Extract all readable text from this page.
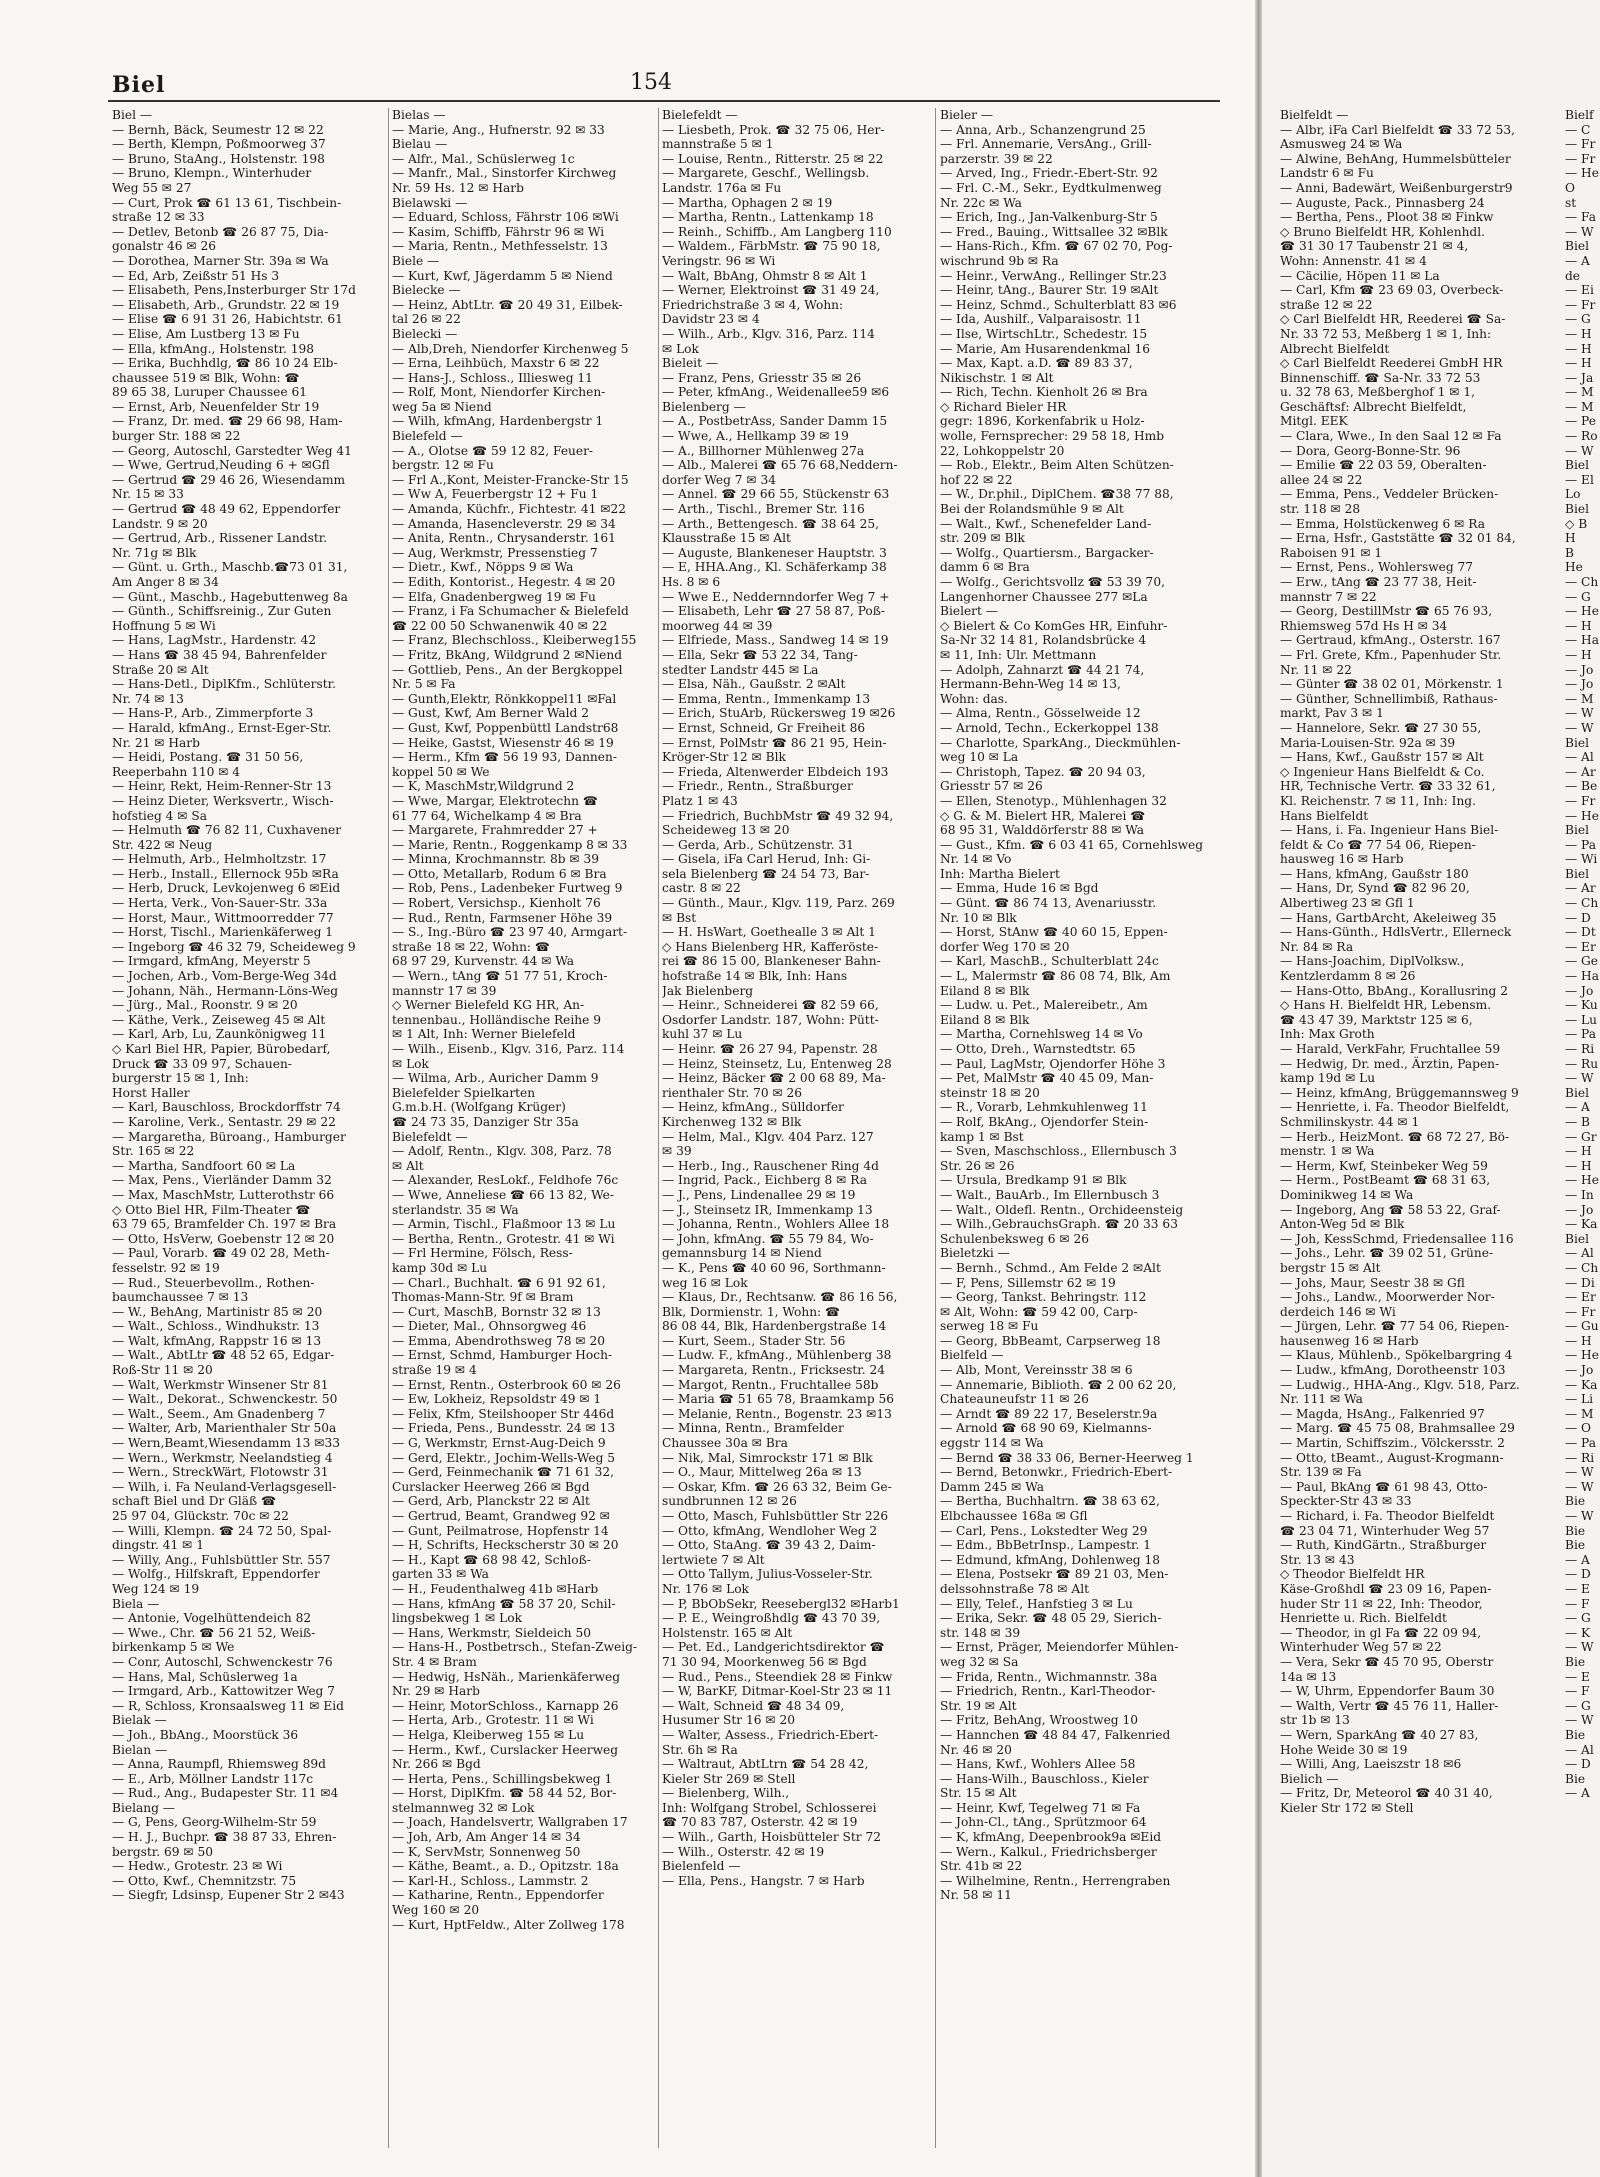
Biel	154
Biel —
— Bernh, Bäck, Seumestr 12 ✉ 22
— Berth, Klempn, Poßmoorweg 37
— Bruno, StaAng., Holstenstr. 198
— Bruno, Klempn., Winterhuder
Weg 55 ✉ 27
— Curt, Prok ☎ 61 13 61, Tischbein-
straße 12 ✉ 33
— Detlev, Betonb ☎ 26 87 75, Dia-
gonalstr 46 ✉ 26
— Dorothea, Marner Str. 39a ✉ Wa
— Ed, Arb, Zeißstr 51 Hs 3
— Elisabeth, Pens,Insterburger Str 17d
— Elisabeth, Arb., Grundstr. 22 ✉ 19
— Elise ☎ 6 91 31 26, Habichtstr. 61
— Elise, Am Lustberg 13 ✉ Fu
— Ella, kfmAng., Holstenstr. 198
— Erika, Buchhdlg, ☎ 86 10 24 Elb-
chaussee 519 ✉ Blk, Wohn: ☎
89 65 38, Luruper Chaussee 61
— Ernst, Arb, Neuenfelder Str 19
— Franz, Dr. med. ☎ 29 66 98, Ham-
burger Str. 188 ✉ 22
— Georg, Autoschl, Garstedter Weg 41
— Wwe, Gertrud,Neuding 6 + ✉Gfl
— Gertrud ☎ 29 46 26, Wiesendamm
Nr. 15 ✉ 33
— Gertrud ☎ 48 49 62, Eppendorfer
Landstr. 9 ✉ 20
— Gertrud, Arb., Rissener Landstr.
Nr. 71g ✉ Blk
— Günt. u. Grth., Maschb.☎73 01 31,
Am Anger 8 ✉ 34
— Günt., Maschb., Hagebuttenweg 8a
— Günth., Schiffsreinig., Zur Guten
Hoffnung 5 ✉ Wi
— Hans, LagMstr., Hardenstr. 42
— Hans ☎ 38 45 94, Bahrenfelder
Straße 20 ✉ Alt
— Hans-Detl., DiplKfm., Schlüterstr.
Nr. 74 ✉ 13
— Hans-P., Arb., Zimmerpforte 3
— Harald, kfmAng., Ernst-Eger-Str.
Nr. 21 ✉ Harb
— Heidi, Postang. ☎ 31 50 56,
Reeperbahn 110 ✉ 4
— Heinr, Rekt, Heim-Renner-Str 13
— Heinz Dieter, Werksvertr., Wisch-
hofstieg 4 ✉ Sa
— Helmuth ☎ 76 82 11, Cuxhavener
Str. 422 ✉ Neug
— Helmuth, Arb., Helmholtzstr. 17
— Herb., Install., Ellernock 95b ✉Ra
— Herb, Druck, Levkojenweg 6 ✉Eid
— Herta, Verk., Von-Sauer-Str. 33a
— Horst, Maur., Wittmoorredder 77
— Horst, Tischl., Marienkäferweg 1
— Ingeborg ☎ 46 32 79, Scheideweg 9
— Irmgard, kfmAng, Meyerstr 5
— Jochen, Arb., Vom-Berge-Weg 34d
— Johann, Näh., Hermann-Löns-Weg
— Jürg., Mal., Roonstr. 9 ✉ 20
— Käthe, Verk., Zeiseweg 45 ✉ Alt
— Karl, Arb, Lu, Zaunkönigweg 11
◇ Karl Biel HR, Papier, Bürobedarf,
Druck ☎ 33 09 97, Schauen-
burgerstr 15 ✉ 1, Inh:
Horst Haller
— Karl, Bauschloss, Brockdorffstr 74
— Karoline, Verk., Sentastr. 29 ✉ 22
— Margaretha, Büroang., Hamburger
Str. 165 ✉ 22
— Martha, Sandfoort 60 ✉ La
— Max, Pens., Vierländer Damm 32
— Max, MaschMstr, Lutterothstr 66
◇ Otto Biel HR, Film-Theater ☎
63 79 65, Bramfelder Ch. 197 ✉ Bra
— Otto, HsVerw, Goebenstr 12 ✉ 20
— Paul, Vorarb. ☎ 49 02 28, Meth-
fesselstr. 92 ✉ 19
— Rud., Steuerbevollm., Rothen-
baumchaussee 7 ✉ 13
— W., BehAng, Martinistr 85 ✉ 20
— Walt., Schloss., Windhukstr. 13
— Walt, kfmAng, Rappstr 16 ✉ 13
— Walt., AbtLtr ☎ 48 52 65, Edgar-
Roß-Str 11 ✉ 20
— Walt, Werkmstr Winsener Str 81
— Walt., Dekorat., Schwenckestr. 50
— Walt., Seem., Am Gnadenberg 7
— Walter, Arb, Marienthaler Str 50a
— Wern,Beamt,Wiesendamm 13 ✉33
— Wern., Werkmstr, Neelandstieg 4
— Wern., StreckWärt, Flotowstr 31
— Wilh, i. Fa Neuland-Verlagsgesell-
schaft Biel und Dr Gläß ☎
25 97 04, Glückstr. 70c ✉ 22
— Willi, Klempn. ☎ 24 72 50, Spal-
dingstr. 41 ✉ 1
— Willy, Ang., Fuhlsbüttler Str. 557
— Wolfg., Hilfskraft, Eppendorfer
Weg 124 ✉ 19
Biela —
— Antonie, Vogelhüttendeich 82
— Wwe., Chr. ☎ 56 21 52, Weiß-
birkenkamp 5 ✉ We
— Conr, Autoschl, Schwenckestr 76
— Hans, Mal, Schüslerweg 1a
— Irmgard, Arb., Kattowitzer Weg 7
— R, Schloss, Kronsaalsweg 11 ✉ Eid
Bielak —
— Joh., BbAng., Moorstück 36
Bielan —
— Anna, Raumpfl, Rhiemsweg 89d
— E., Arb, Möllner Landstr 117c
— Rud., Ang., Budapester Str. 11 ✉4
Bielang —
— G, Pens, Georg-Wilhelm-Str 59
— H. J., Buchpr. ☎ 38 87 33, Ehren-
bergstr. 69 ✉ 50
— Hedw., Grotestr. 23 ✉ Wi
— Otto, Kwf., Chemnitzstr. 75
— Siegfr, Ldsinsp, Eupener Str 2 ✉43
Bielas —
— Marie, Ang., Hufnerstr. 92 ✉ 33
Bielau —
— Alfr., Mal., Schüslerweg 1c
— Manfr., Mal., Sinstorfer Kirchweg
Nr. 59 Hs. 12 ✉ Harb
Bielawski —
— Eduard, Schloss, Fährstr 106 ✉Wi
— Kasim, Schiffb, Fährstr 96 ✉ Wi
— Maria, Rentn., Methfesselstr. 13
Biele —
— Kurt, Kwf, Jägerdamm 5 ✉ Niend
Bielecke —
— Heinz, AbtLtr. ☎ 20 49 31, Eilbek-
tal 26 ✉ 22
Bielecki —
— Alb,Dreh, Niendorfer Kirchenweg 5
— Erna, Leihbüch, Maxstr 6 ✉ 22
— Hans-J., Schloss., Illiesweg 11
— Rolf, Mont, Niendorfer Kirchen-
weg 5a ✉ Niend
— Wilh, kfmAng, Hardenbergstr 1
Bielefeld —
— A., Olotse ☎ 59 12 82, Feuer-
bergstr. 12 ✉ Fu
— Frl A.,Kont, Meister-Francke-Str 15
— Ww A, Feuerbergstr 12 + Fu 1
— Amanda, Küchfr., Fichtestr. 41 ✉22
— Amanda, Hasencleverstr. 29 ✉ 34
— Anita, Rentn., Chrysanderstr. 161
— Aug, Werkmstr, Pressenstieg 7
— Dietr., Kwf., Nöpps 9 ✉ Wa
— Edith, Kontorist., Hegestr. 4 ✉ 20
— Elfa, Gnadenbergweg 19 ✉ Fu
— Franz, i Fa Schumacher & Bielefeld
☎ 22 00 50 Schwanenwik 40 ✉ 22
— Franz, Blechschloss., Kleiberweg155
— Fritz, BkAng, Wildgrund 2 ✉Niend
— Gottlieb, Pens., An der Bergkoppel
Nr. 5 ✉ Fa
— Gunth,Elektr, Rönkkoppel11 ✉Fal
— Gust, Kwf, Am Berner Wald 2
— Gust, Kwf, Poppenbüttl Landstr68
— Heike, Gastst, Wiesenstr 46 ✉ 19
— Herm., Kfm ☎ 56 19 93, Dannen-
koppel 50 ✉ We
— K, MaschMstr,Wildgrund 2
— Wwe, Margar, Elektrotechn ☎
61 77 64, Wichelkamp 4 ✉ Bra
— Margarete, Frahmredder 27 +
— Marie, Rentn., Roggenkamp 8 ✉ 33
— Minna, Krochmannstr. 8b ✉ 39
— Otto, Metallarb, Rodum 6 ✉ Bra
— Rob, Pens., Ladenbeker Furtweg 9
— Robert, Versichsp., Kienholt 76
— Rud., Rentn, Farmsener Höhe 39
— S., Ing.-Büro ☎ 23 97 40, Armgart-
straße 18 ✉ 22, Wohn: ☎
68 97 29, Kurvenstr. 44 ✉ Wa
— Wern., tAng ☎ 51 77 51, Kroch-
mannstr 17 ✉ 39
◇ Werner Bielefeld KG HR, An-
tennenbau., Holländische Reihe 9
✉ 1 Alt, Inh: Werner Bielefeld
— Wilh., Eisenb., Klgv. 316, Parz. 114
✉ Lok
— Wilma, Arb., Auricher Damm 9
Bielefelder Spielkarten
G.m.b.H. (Wolfgang Krüger)
☎ 24 73 35, Danziger Str 35a
Bielefeldt —
— Adolf, Rentn., Klgv. 308, Parz. 78
✉ Alt
— Alexander, ResLokf., Feldhofe 76c
— Wwe, Anneliese ☎ 66 13 82, We-
sterlandstr. 35 ✉ Wa
— Armin, Tischl., Flaßmoor 13 ✉ Lu
— Bertha, Rentn., Grotestr. 41 ✉ Wi
— Frl Hermine, Fölsch, Ress-
kamp 30d ✉ Lu
— Charl., Buchhalt. ☎ 6 91 92 61,
Thomas-Mann-Str. 9f ✉ Bram
— Curt, MaschB, Bornstr 32 ✉ 13
— Dieter, Mal., Ohnsorgweg 46
— Emma, Abendrothsweg 78 ✉ 20
— Ernst, Schmd, Hamburger Hoch-
straße 19 ✉ 4
— Ernst, Rentn., Osterbrook 60 ✉ 26
— Ew, Lokheiz, Repsoldstr 49 ✉ 1
— Felix, Kfm, Steilshooper Str 446d
— Frieda, Pens., Bundesstr. 24 ✉ 13
— G, Werkmstr, Ernst-Aug-Deich 9
— Gerd, Elektr., Jochim-Wells-Weg 5
— Gerd, Feinmechanik ☎ 71 61 32,
Curslacker Heerweg 266 ✉ Bgd
— Gerd, Arb, Planckstr 22 ✉ Alt
— Gertrud, Beamt, Grandweg 92 ✉
— Gunt, Peilmatrose, Hopfenstr 14
— H, Schrifts, Heckscherstr 30 ✉ 20
— H., Kapt ☎ 68 98 42, Schloß-
garten 33 ✉ Wa
— H., Feudenthalweg 41b ✉Harb
— Hans, kfmAng ☎ 58 37 20, Schil-
lingsbekweg 1 ✉ Lok
— Hans, Werkmstr, Sieldeich 50
— Hans-H., Postbetrsch., Stefan-Zweig-
Str. 4 ✉ Bram
— Hedwig, HsNäh., Marienkäferweg
Nr. 29 ✉ Harb
— Heinr, MotorSchloss., Karnapp 26
— Herta, Arb., Grotestr. 11 ✉ Wi
— Helga, Kleiberweg 155 ✉ Lu
— Herm., Kwf., Curslacker Heerweg
Nr. 266 ✉ Bgd
— Herta, Pens., Schillingsbekweg 1
— Horst, DiplKfm. ☎ 58 44 52, Bor-
stelmannweg 32 ✉ Lok
— Joach, Handelsvertr, Wallgraben 17
— Joh, Arb, Am Anger 14 ✉ 34
— K, ServMstr, Sonnenweg 50
— Käthe, Beamt., a. D., Opitzstr. 18a
— Karl-H., Schloss., Lammstr. 2
— Katharine, Rentn., Eppendorfer
Weg 160 ✉ 20
— Kurt, HptFeldw., Alter Zollweg 178
Bielefeldt —
— Liesbeth, Prok. ☎ 32 75 06, Her-
mannstraße 5 ✉ 1
— Louise, Rentn., Ritterstr. 25 ✉ 22
— Margarete, Geschf., Wellingsb.
Landstr. 176a ✉ Fu
— Martha, Ophagen 2 ✉ 19
— Martha, Rentn., Lattenkamp 18
— Reinh., Schiffb., Am Langberg 110
— Waldem., FärbMstr. ☎ 75 90 18,
Veringstr. 96 ✉ Wi
— Walt, BbAng, Ohmstr 8 ✉ Alt 1
— Werner, Elektroinst ☎ 31 49 24,
Friedrichstraße 3 ✉ 4, Wohn:
Davidstr 23 ✉ 4
— Wilh., Arb., Klgv. 316, Parz. 114
✉ Lok
Bieleit —
— Franz, Pens, Griesstr 35 ✉ 26
— Peter, kfmAng., Weidenallee59 ✉6
Bielenberg —
— A., PostbetrAss, Sander Damm 15
— Wwe, A., Hellkamp 39 ✉ 19
— A., Billhorner Mühlenweg 27a
— Alb., Malerei ☎ 65 76 68,Neddern-
dorfer Weg 7 ✉ 34
— Annel. ☎ 29 66 55, Stückenstr 63
— Arth., Tischl., Bremer Str. 116
— Arth., Bettengesch. ☎ 38 64 25,
Klausstraße 15 ✉ Alt
— Auguste, Blankeneser Hauptstr. 3
— E, HHA.Ang., Kl. Schäferkamp 38
Hs. 8 ✉ 6
— Wwe E., Neddernndorfer Weg 7 +
— Elisabeth, Lehr ☎ 27 58 87, Poß-
moorweg 44 ✉ 39
— Elfriede, Mass., Sandweg 14 ✉ 19
— Ella, Sekr ☎ 53 22 34, Tang-
stedter Landstr 445 ✉ La
— Elsa, Näh., Gaußstr. 2 ✉Alt
— Emma, Rentn., Immenkamp 13
— Erich, StuArb, Rückersweg 19 ✉26
— Ernst, Schneid, Gr Freiheit 86
— Ernst, PolMstr ☎ 86 21 95, Hein-
Kröger-Str 12 ✉ Blk
— Frieda, Altenwerder Elbdeich 193
— Friedr., Rentn., Straßburger
Platz 1 ✉ 43
— Friedrich, BuchbMstr ☎ 49 32 94,
Scheideweg 13 ✉ 20
— Gerda, Arb., Schützenstr. 31
— Gisela, iFa Carl Herud, Inh: Gi-
sela Bielenberg ☎ 24 54 73, Bar-
castr. 8 ✉ 22
— Günth., Maur., Klgv. 119, Parz. 269
✉ Bst
— H. HsWart, Goethealle 3 ✉ Alt 1
◇ Hans Bielenberg HR, Kafferöste-
rei ☎ 86 15 00, Blankeneser Bahn-
hofstraße 14 ✉ Blk, Inh: Hans
Jak Bielenberg
— Heinr., Schneiderei ☎ 82 59 66,
Osdorfer Landstr. 187, Wohn: Pütt-
kuhl 37 ✉ Lu
— Heinr. ☎ 26 27 94, Papenstr. 28
— Heinz, Steinsetz, Lu, Entenweg 28
— Heinz, Bäcker ☎ 2 00 68 89, Ma-
rienthaler Str. 70 ✉ 26
— Heinz, kfmAng., Sülldorfer
Kirchenweg 132 ✉ Blk
— Helm, Mal., Klgv. 404 Parz. 127
✉ 39
— Herb., Ing., Rauschener Ring 4d
— Ingrid, Pack., Eichberg 8 ✉ Ra
— J., Pens, Lindenallee 29 ✉ 19
— J., Steinsetz IR, Immenkamp 13
— Johanna, Rentn., Wohlers Allee 18
— John, kfmAng. ☎ 55 79 84, Wo-
gemannsburg 14 ✉ Niend
— K., Pens ☎ 40 60 96, Sorthmann-
weg 16 ✉ Lok
— Klaus, Dr., Rechtsanw. ☎ 86 16 56,
Blk, Dormienstr. 1, Wohn: ☎
86 08 44, Blk, Hardenbergstraße 14
— Kurt, Seem., Stader Str. 56
— Ludw. F., kfmAng., Mühlenberg 38
— Margareta, Rentn., Fricksestr. 24
— Margot, Rentn., Fruchtallee 58b
— Maria ☎ 51 65 78, Braamkamp 56
— Melanie, Rentn., Bogenstr. 23 ✉13
— Minna, Rentn., Bramfelder
Chaussee 30a ✉ Bra
— Nik, Mal, Simrockstr 171 ✉ Blk
— O., Maur, Mittelweg 26a ✉ 13
— Oskar, Kfm. ☎ 26 63 32, Beim Ge-
sundbrunnen 12 ✉ 26
— Otto, Masch, Fuhlsbüttler Str 226
— Otto, kfmAng, Wendloher Weg 2
— Otto, StaAng. ☎ 39 43 2, Daim-
lertwiete 7 ✉ Alt
— Otto Tallym, Julius-Vosseler-Str.
Nr. 176 ✉ Lok
— P, BbObSekr, Reesebergl32 ✉Harb1
— P. E., Weingroßhdlg ☎ 43 70 39,
Holstenstr. 165 ✉ Alt
— Pet. Ed., Landgerichtsdirektor ☎
71 30 94, Moorkenweg 56 ✉ Bgd
— Rud., Pens., Steendiek 28 ✉ Finkw
— W, BarKF, Ditmar-Koel-Str 23 ✉ 11
— Walt, Schneid ☎ 48 34 09,
Husumer Str 16 ✉ 20
— Walter, Assess., Friedrich-Ebert-
Str. 6h ✉ Ra
— Waltraut, AbtLtrn ☎ 54 28 42,
Kieler Str 269 ✉ Stell
— Bielenberg, Wilh.,
Inh: Wolfgang Strobel, Schlosserei
☎ 70 83 787, Osterstr. 42 ✉ 19
— Wilh., Garth, Hoisbütteler Str 72
— Wilh., Osterstr. 42 ✉ 19
Bielenfeld —
— Ella, Pens., Hangstr. 7 ✉ Harb
Bieler —
— Anna, Arb., Schanzengrund 25
— Frl. Annemarie, VersAng., Grill-
parzerstr. 39 ✉ 22
— Arved, Ing., Friedr.-Ebert-Str. 92
— Frl. C.-M., Sekr., Eydtkulmenweg
Nr. 22c ✉ Wa
— Erich, Ing., Jan-Valkenburg-Str 5
— Fred., Bauing., Wittsallee 32 ✉Blk
— Hans-Rich., Kfm. ☎ 67 02 70, Pog-
wischrund 9b ✉ Ra
— Heinr., VerwAng., Rellinger Str.23
— Heinr, tAng., Baurer Str. 19 ✉Alt
— Heinz, Schmd., Schulterblatt 83 ✉6
— Ida, Aushilf., Valparaisostr. 11
— Ilse, WirtschLtr., Schedestr. 15
— Marie, Am Husarendenkmal 16
— Max, Kapt. a.D. ☎ 89 83 37,
Nikischstr. 1 ✉ Alt
— Rich, Techn. Kienholt 26 ✉ Bra
◇ Richard Bieler HR
gegr: 1896, Korkenfabrik u Holz-
wolle, Fernsprecher: 29 58 18, Hmb
22, Lohkoppelstr 20
— Rob., Elektr., Beim Alten Schützen-
hof 22 ✉ 22
— W., Dr.phil., DiplChem. ☎38 77 88,
Bei der Rolandsmühle 9 ✉ Alt
— Walt., Kwf., Schenefelder Land-
str. 209 ✉ Blk
— Wolfg., Quartiersm., Bargacker-
damm 6 ✉ Bra
— Wolfg., Gerichtsvollz ☎ 53 39 70,
Langenhorner Chaussee 277 ✉La
Bielert —
◇ Bielert & Co KomGes HR, Einfuhr-
Sa-Nr 32 14 81, Rolandsbrücke 4
✉ 11, Inh: Ulr. Mettmann
— Adolph, Zahnarzt ☎ 44 21 74,
Hermann-Behn-Weg 14 ✉ 13,
Wohn: das.
— Alma, Rentn., Gösselweide 12
— Arnold, Techn., Eckerkoppel 138
— Charlotte, SparkAng., Dieckmühlen-
weg 10 ✉ La
— Christoph, Tapez. ☎ 20 94 03,
Griesstr 57 ✉ 26
— Ellen, Stenotyp., Mühlenhagen 32
◇ G. & M. Bielert HR, Malerei ☎
68 95 31, Walddörferstr 88 ✉ Wa
— Gust., Kfm. ☎ 6 03 41 65, Cornehlsweg
Nr. 14 ✉ Vo
Inh: Martha Bielert
— Emma, Hude 16 ✉ Bgd
— Günt. ☎ 86 74 13, Avenariusstr.
Nr. 10 ✉ Blk
— Horst, StAnw ☎ 40 60 15, Eppen-
dorfer Weg 170 ✉ 20
— Karl, MaschB., Schulterblatt 24c
— L, Malermstr ☎ 86 08 74, Blk, Am
Eiland 8 ✉ Blk
— Ludw. u. Pet., Malereibetr., Am
Eiland 8 ✉ Blk
— Martha, Cornehlsweg 14 ✉ Vo
— Otto, Dreh., Warnstedtstr. 65
— Paul, LagMstr, Ojendorfer Höhe 3
— Pet, MalMstr ☎ 40 45 09, Man-
steinstr 18 ✉ 20
— R., Vorarb, Lehmkuhlenweg 11
— Rolf, BkAng., Ojendorfer Stein-
kamp 1 ✉ Bst
— Sven, Maschschloss., Ellernbusch 3
Str. 26 ✉ 26
— Ursula, Bredkamp 91 ✉ Blk
— Walt., BauArb., Im Ellernbusch 3
— Walt., Oldefl. Rentn., Orchideensteig
— Wilh.,GebrauchsGraph. ☎ 20 33 63
Schulenbeksweg 6 ✉ 26
Bieletzki —
— Bernh., Schmd., Am Felde 2 ✉Alt
— F, Pens, Sillemstr 62 ✉ 19
— Georg, Tankst. Behringstr. 112
✉ Alt, Wohn: ☎ 59 42 00, Carp-
serweg 18 ✉ Fu
— Georg, BbBeamt, Carpserweg 18
Bielfeld —
— Alb, Mont, Vereinsstr 38 ✉ 6
— Annemarie, Biblioth. ☎ 2 00 62 20,
Chateauneufstr 11 ✉ 26
— Arndt ☎ 89 22 17, Beselerstr.9a
— Arnold ☎ 68 90 69, Kielmanns-
eggstr 114 ✉ Wa
— Bernd ☎ 38 33 06, Berner-Heerweg 1
— Bernd, Betonwkr., Friedrich-Ebert-
Damm 245 ✉ Wa
— Bertha, Buchhaltrn. ☎ 38 63 62,
Elbchaussee 168a ✉ Gfl
— Carl, Pens., Lokstedter Weg 29
— Edm., BbBetrInsp., Lampestr. 1
— Edmund, kfmAng, Dohlenweg 18
— Elena, Postsekr ☎ 89 21 03, Men-
delssohnstraße 78 ✉ Alt
— Elly, Telef., Hanfstieg 3 ✉ Lu
— Erika, Sekr. ☎ 48 05 29, Sierich-
str. 148 ✉ 39
— Ernst, Präger, Meiendorfer Mühlen-
weg 32 ✉ Sa
— Frida, Rentn., Wichmannstr. 38a
— Friedrich, Rentn., Karl-Theodor-
Str. 19 ✉ Alt
— Fritz, BehAng, Wroostweg 10
— Hannchen ☎ 48 84 47, Falkenried
Nr. 46 ✉ 20
— Hans, Kwf., Wohlers Allee 58
— Hans-Wilh., Bauschloss., Kieler
Str. 15 ✉ Alt
— Heinr, Kwf, Tegelweg 71 ✉ Fa
— John-Cl., tAng., Sprützmoor 64
— K, kfmAng, Deepenbrook9a ✉Eid
— Wern., Kalkul., Friedrichsberger
Str. 41b ✉ 22
— Wilhelmine, Rentn., Herrengraben
Nr. 58 ✉ 11
Bielfeldt —
— Albr, iFa Carl Bielfeldt ☎ 33 72 53,
Asmusweg 24 ✉ Wa
— Alwine, BehAng, Hummelsbütteler
Landstr 6 ✉ Fu
— Anni, Badewärt, Weißenburgerstr9
— Auguste, Pack., Pinnasberg 24
— Bertha, Pens., Ploot 38 ✉ Finkw
◇ Bruno Bielfeldt HR, Kohlenhdl.
☎ 31 30 17 Taubenstr 21 ✉ 4,
Wohn: Annenstr. 41 ✉ 4
— Cäcilie, Höpen 11 ✉ La
— Carl, Kfm ☎ 23 69 03, Overbeck-
straße 12 ✉ 22
◇ Carl Bielfeldt HR, Reederei ☎ Sa-
Nr. 33 72 53, Meßberg 1 ✉ 1, Inh:
Albrecht Bielfeldt
◇ Carl Bielfeldt Reederei GmbH HR
Binnenschiff. ☎ Sa-Nr. 33 72 53
u. 32 78 63, Meßberghof 1 ✉ 1,
Geschäftsf: Albrecht Bielfeldt,
Mitgl. EEK
— Clara, Wwe., In den Saal 12 ✉ Fa
— Dora, Georg-Bonne-Str. 96
— Emilie ☎ 22 03 59, Oberalten-
allee 24 ✉ 22
— Emma, Pens., Veddeler Brücken-
str. 118 ✉ 28
— Emma, Holstückenweg 6 ✉ Ra
— Erna, Hsfr., Gaststätte ☎ 32 01 84,
Raboisen 91 ✉ 1
— Ernst, Pens., Wohlersweg 77
— Erw., tAng ☎ 23 77 38, Heit-
mannstr 7 ✉ 22
— Georg, DestillMstr ☎ 65 76 93,
Rhiemsweg 57d Hs H ✉ 34
— Gertraud, kfmAng., Osterstr. 167
— Frl. Grete, Kfm., Papenhuder Str.
Nr. 11 ✉ 22
— Günter ☎ 38 02 01, Mörkenstr. 1
— Günther, Schnellimbiß, Rathaus-
markt, Pav 3 ✉ 1
— Hannelore, Sekr. ☎ 27 30 55,
Maria-Louisen-Str. 92a ✉ 39
— Hans, Kwf., Gaußstr 157 ✉ Alt
◇ Ingenieur Hans Bielfeldt & Co.
HR, Technische Vertr. ☎ 33 32 61,
Kl. Reichenstr. 7 ✉ 11, Inh: Ing.
Hans Bielfeldt
— Hans, i. Fa. Ingenieur Hans Biel-
feldt & Co ☎ 77 54 06, Riepen-
hausweg 16 ✉ Harb
— Hans, kfmAng, Gaußstr 180
— Hans, Dr, Synd ☎ 82 96 20,
Albertiweg 23 ✉ Gfl 1
— Hans, GartbArcht, Akeleiweg 35
— Hans-Günth., HdlsVertr., Ellerneck
Nr. 84 ✉ Ra
— Hans-Joachim, DiplVolksw.,
Kentzlerdamm 8 ✉ 26
— Hans-Otto, BbAng., Korallusring 2
◇ Hans H. Bielfeldt HR, Lebensm.
☎ 43 47 39, Marktstr 125 ✉ 6,
Inh: Max Groth
— Harald, VerkFahr, Fruchtallee 59
— Hedwig, Dr. med., Ärztin, Papen-
kamp 19d ✉ Lu
— Heinz, kfmAng, Brüggemannsweg 9
— Henriette, i. Fa. Theodor Bielfeldt,
Schmilinskystr. 44 ✉ 1
— Herb., HeizMont. ☎ 68 72 27, Bö-
menstr. 1 ✉ Wa
— Herm, Kwf, Steinbeker Weg 59
— Herm., PostBeamt ☎ 68 31 63,
Dominikweg 14 ✉ Wa
— Ingeborg, Ang ☎ 58 53 22, Graf-
Anton-Weg 5d ✉ Blk
— Joh, KessSchmd, Friedensallee 116
— Johs., Lehr. ☎ 39 02 51, Grüne-
bergstr 15 ✉ Alt
— Johs, Maur, Seestr 38 ✉ Gfl
— Johs., Landw., Moorwerder Nor-
derdeich 146 ✉ Wi
— Jürgen, Lehr. ☎ 77 54 06, Riepen-
hausenweg 16 ✉ Harb
— Klaus, Mühlenb., Spökelbargring 4
— Ludw., kfmAng, Dorotheenstr 103
— Ludwig., HHA-Ang., Klgv. 518, Parz.
Nr. 111 ✉ Wa
— Magda, HsAng., Falkenried 97
— Marg. ☎ 45 75 08, Brahmsallee 29
— Martin, Schiffszim., Völckersstr. 2
— Otto, tBeamt., August-Krogmann-
Str. 139 ✉ Fa
— Paul, BkAng ☎ 61 98 43, Otto-
Speckter-Str 43 ✉ 33
— Richard, i. Fa. Theodor Bielfeldt
☎ 23 04 71, Winterhuder Weg 57
— Ruth, KindGärtn., Straßburger
Str. 13 ✉ 43
◇ Theodor Bielfeldt HR
Käse-Großhdl ☎ 23 09 16, Papen-
huder Str 11 ✉ 22, Inh: Theodor,
Henriette u. Rich. Bielfeldt
— Theodor, in gl Fa ☎ 22 09 94,
Winterhuder Weg 57 ✉ 22
— Vera, Sekr ☎ 45 70 95, Oberstr
14a ✉ 13
— W, Uhrm, Eppendorfer Baum 30
— Walth, Vertr ☎ 45 76 11, Haller-
str 1b ✉ 13
— Wern, SparkAng ☎ 40 27 83,
Hohe Weide 30 ✉ 19
— Willi, Ang, Laeiszstr 18 ✉6
Bielich —
— Fritz, Dr, Meteorol ☎ 40 31 40,
Kieler Str 172 ✉ Stell
Bielf
— C
— Fr
— Fr
— He
O
st
— Fa
— W
Biel
— A
de
— Ei
— Fr
— G
— H
— H
— H
— Ja
— M
— M
— Pe
— Ro
— W
Biel
— El
Lo
Biel
◇ B
H
B
He
— Ch
— G
— He
— H
— Ha
— H
— Jo
— Jo
— M
— W
— W
Biel
— Al
— Ar
— Be
— Fr
— He
Biel
— Pa
— Wi
Biel
— Ar
— Ch
— D
— Dt
— Er
— Ge
— Ha
— Jo
— Ku
— Lu
— Pa
— Ri
— Ru
— W
Biel
— A
— B
— Gr
— H
— H
— He
— In
— Jo
— Ka
Biel
— Al
— Ch
— Di
— Er
— Fr
— Gu
— H
— He
— Jo
— Ka
— Li
— M
— O
— Pa
— Ri
— W
— W
Bie
— W
Bie
Bie
— A
— D
— E
— F
— G
— K
— W
Bie
— E
— F
— G
— W
Bie
— Al
— D
Bie
— A
